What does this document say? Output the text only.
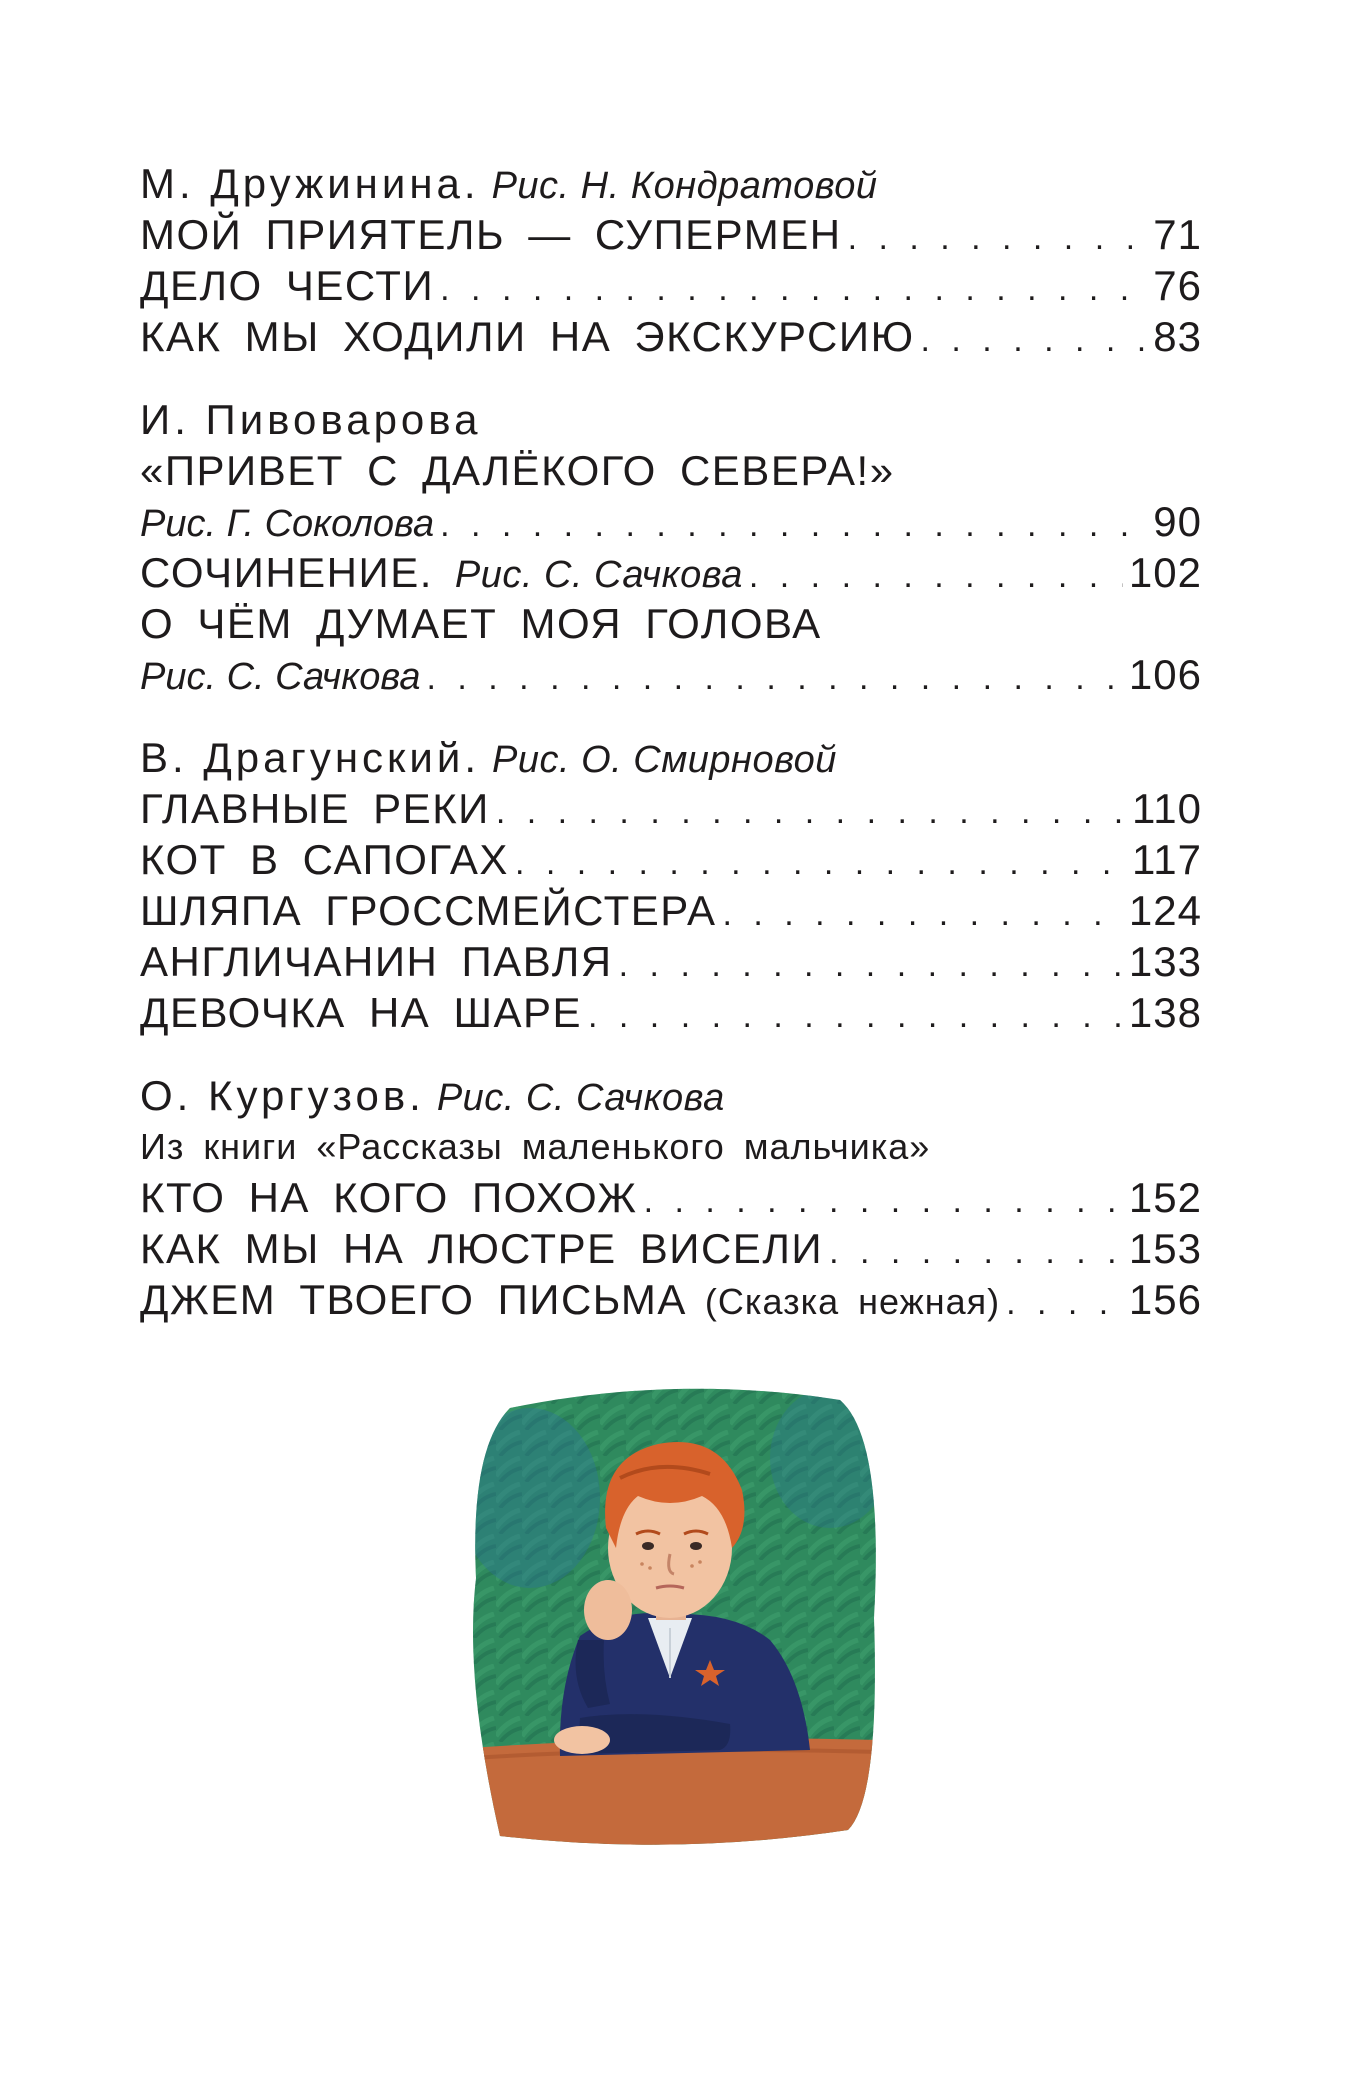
М. Дружинина. Рис. Н. Кондратовой
МОЙ ПРИЯТЕЛЬ — СУПЕРМЕН . . .	71
ДЕЛО ЧЕСТИ . . .	76
КАК МЫ ХОДИЛИ НА ЭКСКУРСИЮ . . .	83
И. Пивоварова
«ПРИВЕТ С ДАЛЁКОГО СЕВЕРА!»
Рис. Г. Соколова . . .	90
СОЧИНЕНИЕ. Рис. С. Сачкова . . .	102
О ЧЁМ ДУМАЕТ МОЯ ГОЛОВА
Рис. С. Сачкова . . .	106
В. Драгунский. Рис. О. Смирновой
ГЛАВНЫЕ РЕКИ . . .	110
КОТ В САПОГАХ . . .	117
ШЛЯПА ГРОССМЕЙСТЕРА . . .	124
АНГЛИЧАНИН ПАВЛЯ . . .	133
ДЕВОЧКА НА ШАРЕ . . .	138
О. Кургузов. Рис. С. Сачкова
Из книги «Рассказы маленького мальчика»
КТО НА КОГО ПОХОЖ . . .	152
КАК МЫ НА ЛЮСТРЕ ВИСЕЛИ . . .	153
ДЖЕМ ТВОЕГО ПИСЬМА (Сказка нежная) . . .	156
